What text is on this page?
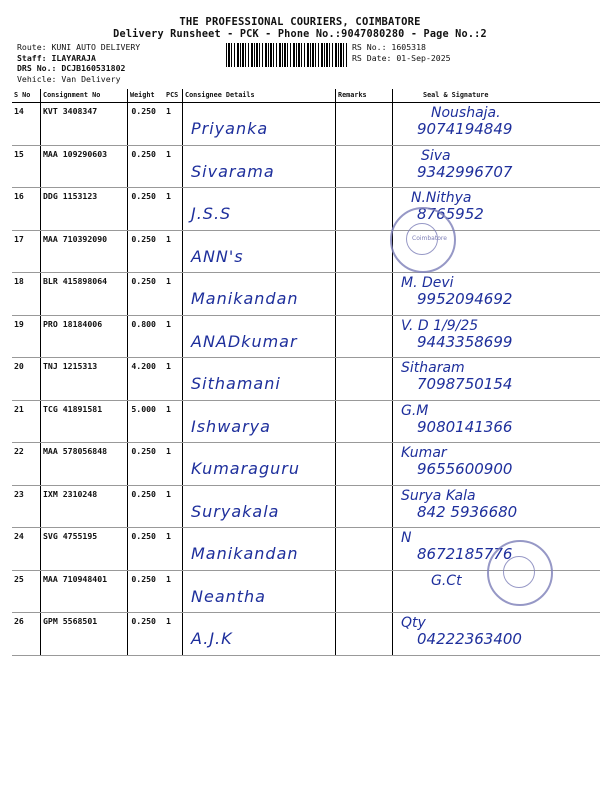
THE PROFESSIONAL COURIERS, COIMBATORE
Delivery Runsheet - PCK - Phone No.:9047080280 - Page No.:2
Route: KUNI AUTO DELIVERY
Staff: ILAYARAJA
DRS No.: DCJB160531802
Vehicle: Van Delivery
RS No.: 1605318
RS Date: 01-Sep-2025
S No	Consignment No	Weight	PCS	Consignee Details	Remarks	Seal & Signature
14	KVT 3408347	0.250	1	Priyanka		Noushaja.
9074194849

15	MAA 109290603	0.250	1	Sivarama		Siva
9342996707

16	DDG 1153123	0.250	1	J.S.S		N.Nithya
8765952

17	MAA 710392090	0.250	1	ANN's		

18	BLR 415898064	0.250	1	Manikandan		M. Devi
9952094692

19	PRO 18184006	0.800	1	ANADkumar		V. D 1/9/25
9443358699

20	TNJ 1215313	4.200	1	Sithamani		Sitharam
7098750154

21	TCG 41891581	5.000	1	Ishwarya		G.M
9080141366

22	MAA 578056848	0.250	1	Kumaraguru		Kumar
9655600900

23	IXM 2310248	0.250	1	Suryakala		Surya Kala
842 5936680

24	SVG 4755195	0.250	1	Manikandan		N
8672185776

25	MAA 710948401	0.250	1	Neantha		G.Ct

26	GPM 5568501	0.250	1	A.J.K		Qty
04222363400
Coimbatore
